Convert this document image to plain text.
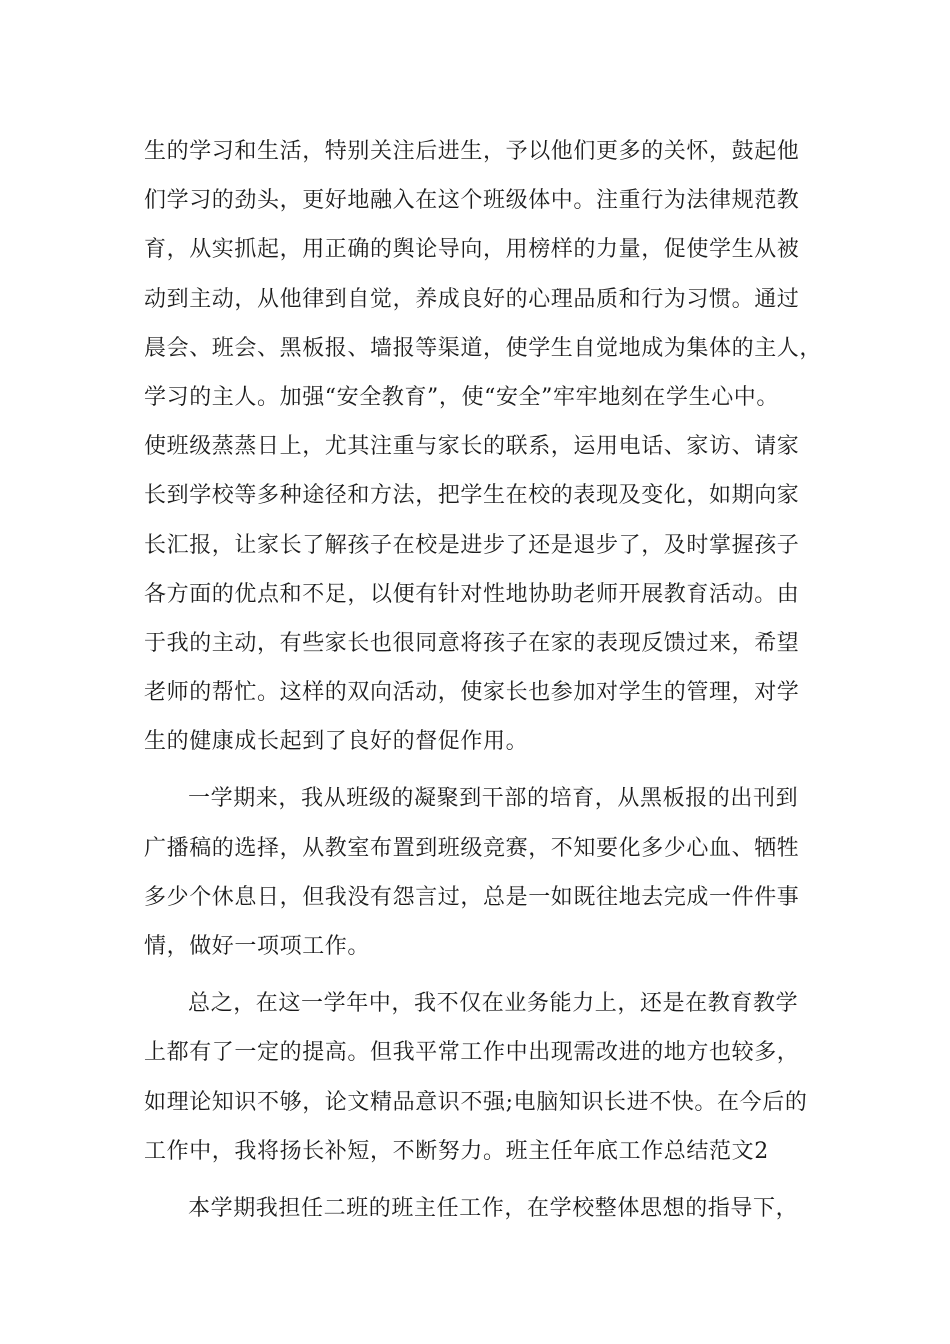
生的学习和生活，特别关注后进生，予以他们更多的关怀，鼓起他
们学习的劲头，更好地融入在这个班级体中。注重行为法律规范教
育，从实抓起，用正确的舆论导向，用榜样的力量，促使学生从被
动到主动，从他律到自觉，养成良好的心理品质和行为习惯。通过
晨会、班会、黑板报、墙报等渠道，使学生自觉地成为集体的主人，
学习的主人。加强“安全教育”，使“安全”牢牢地刻在学生心中。
使班级蒸蒸日上，尤其注重与家长的联系，运用电话、家访、请家
长到学校等多种途径和方法，把学生在校的表现及变化，如期向家
长汇报，让家长了解孩子在校是进步了还是退步了，及时掌握孩子
各方面的优点和不足，以便有针对性地协助老师开展教育活动。由
于我的主动，有些家长也很同意将孩子在家的表现反馈过来，希望
老师的帮忙。这样的双向活动，使家长也参加对学生的管理，对学
生的健康成长起到了良好的督促作用。
一学期来，我从班级的凝聚到干部的培育，从黑板报的出刊到
广播稿的选择，从教室布置到班级竞赛，不知要化多少心血、牺牲
多少个休息日，但我没有怨言过，总是一如既往地去完成一件件事
情，做好一项项工作。
总之，在这一学年中，我不仅在业务能力上，还是在教育教学
上都有了一定的提高。但我平常工作中出现需改进的地方也较多，
如理论知识不够，论文精品意识不强;电脑知识长进不快。在今后的
工作中，我将扬长补短，不断努力。班主任年底工作总结范文2
本学期我担任二班的班主任工作，在学校整体思想的指导下，
